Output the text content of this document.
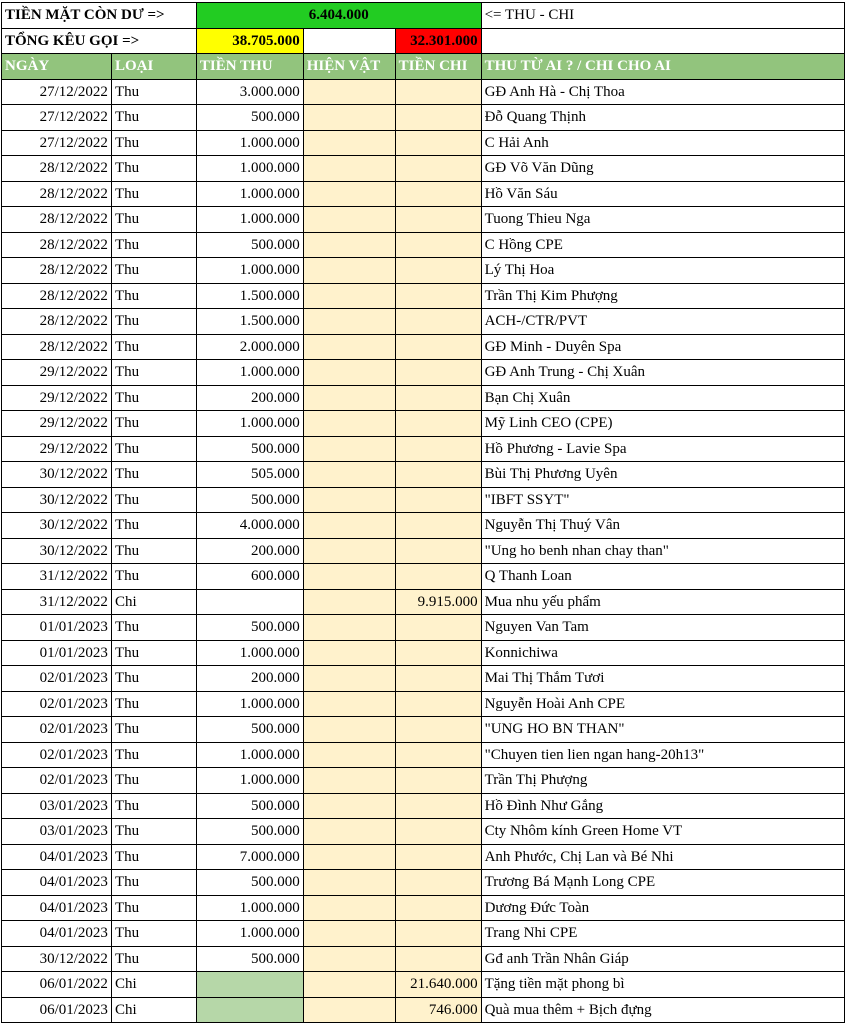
TIỀN MẶT CÒN DƯ =>		6.404.000			<= THU - CHI
TỔNG KÊU GỌI =>		38.705.000		32.301.000	
NGÀY	LOẠI	TIỀN THU	HIỆN VẬT	TIỀN CHI	THU TỪ AI ? / CHI CHO AI
27/12/2022	Thu	3.000.000			GĐ Anh Hà - Chị Thoa
27/12/2022	Thu	500.000			Đỗ Quang Thịnh
27/12/2022	Thu	1.000.000			C Hải Anh
28/12/2022	Thu	1.000.000			GĐ Võ Văn Dũng
28/12/2022	Thu	1.000.000			Hồ Văn Sáu
28/12/2022	Thu	1.000.000			Tuong Thieu Nga
28/12/2022	Thu	500.000			C Hồng CPE
28/12/2022	Thu	1.000.000			Lý Thị Hoa
28/12/2022	Thu	1.500.000			Trần Thị Kim Phượng
28/12/2022	Thu	1.500.000			ACH-/CTR/PVT
28/12/2022	Thu	2.000.000			GĐ Minh - Duyên Spa
29/12/2022	Thu	1.000.000			GĐ Anh Trung - Chị Xuân
29/12/2022	Thu	200.000			Bạn Chị Xuân
29/12/2022	Thu	1.000.000			Mỹ Linh CEO (CPE)
29/12/2022	Thu	500.000			Hồ Phương - Lavie Spa
30/12/2022	Thu	505.000			Bùi Thị Phương Uyên
30/12/2022	Thu	500.000			"IBFT SSYT"
30/12/2022	Thu	4.000.000			Nguyễn Thị Thuý Vân
30/12/2022	Thu	200.000			"Ung ho benh nhan chay than"
31/12/2022	Thu	600.000			Q Thanh Loan
31/12/2022	Chi			9.915.000	Mua nhu yếu phẩm
01/01/2023	Thu	500.000			Nguyen Van Tam
01/01/2023	Thu	1.000.000			Konnichiwa
02/01/2023	Thu	200.000			Mai Thị Thắm Tươi
02/01/2023	Thu	1.000.000			Nguyễn Hoài Anh CPE
02/01/2023	Thu	500.000			"UNG HO BN THAN"
02/01/2023	Thu	1.000.000			"Chuyen tien lien ngan hang-20h13"
02/01/2023	Thu	1.000.000			Trần Thị Phượng
03/01/2023	Thu	500.000			Hồ Đình Như Gắng
03/01/2023	Thu	500.000			Cty Nhôm kính Green Home VT
04/01/2023	Thu	7.000.000			Anh Phước, Chị Lan và Bé Nhi
04/01/2023	Thu	500.000			Trương Bá Mạnh Long CPE
04/01/2023	Thu	1.000.000			Dương Đức Toàn
04/01/2023	Thu	1.000.000			Trang Nhi CPE
30/12/2022	Thu	500.000			Gđ anh Trần Nhân Giáp
06/01/2022	Chi			21.640.000	Tặng tiền mặt phong bì
06/01/2023	Chi			746.000	Quà mua thêm + Bịch đựng
